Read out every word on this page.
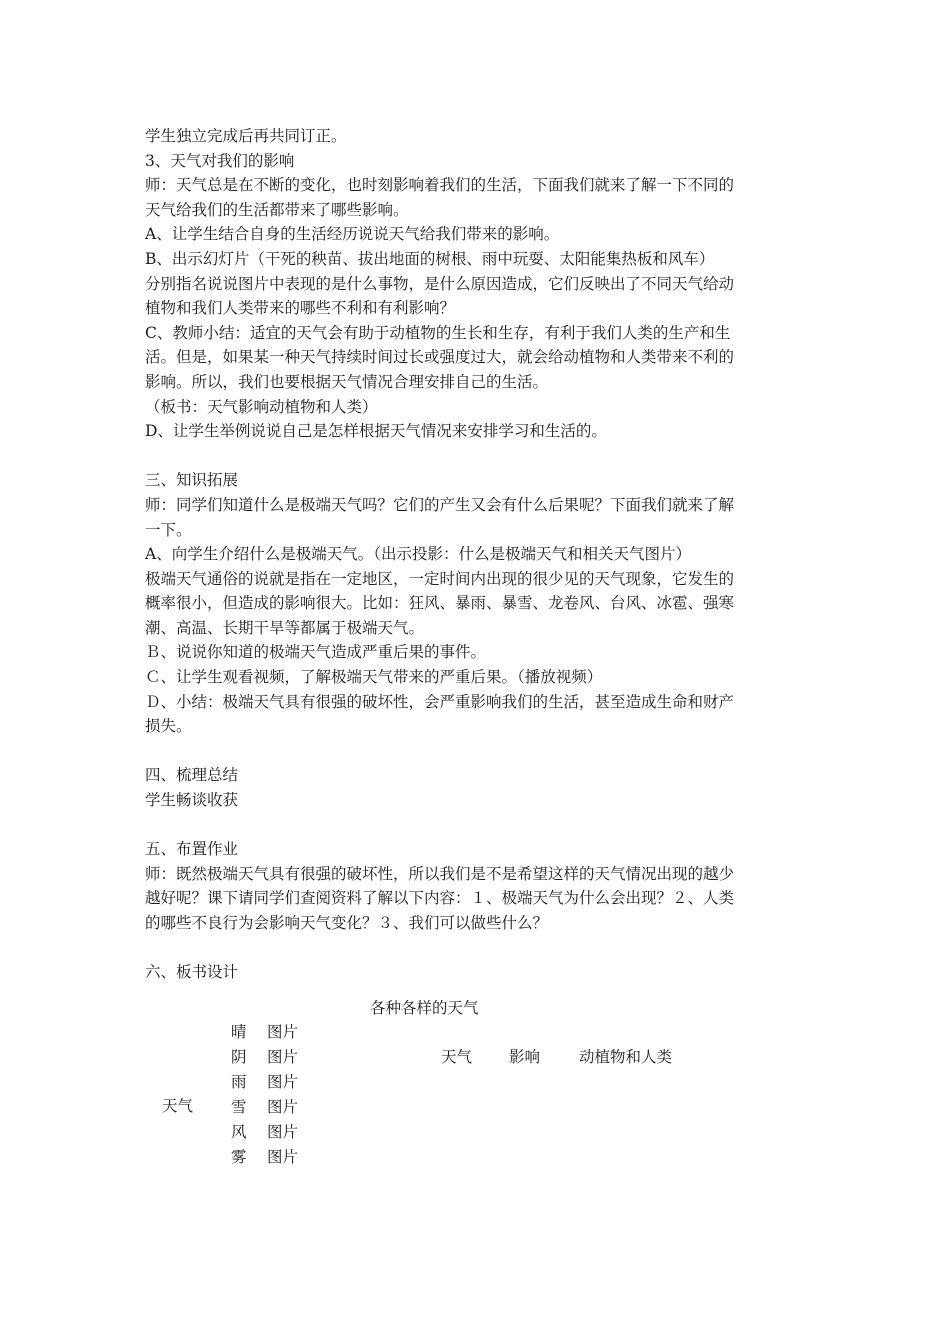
学生独立完成后再共同订正。
3、天气对我们的影响
师：天气总是在不断的变化，也时刻影响着我们的生活，下面我们就来了解一下不同的
天气给我们的生活都带来了哪些影响。
A、让学生结合自身的生活经历说说天气给我们带来的影响。
B、出示幻灯片（干死的秧苗、拔出地面的树根、雨中玩耍、太阳能集热板和风车）
分别指名说说图片中表现的是什么事物，是什么原因造成，它们反映出了不同天气给动
植物和我们人类带来的哪些不利和有利影响？
C、教师小结：适宜的天气会有助于动植物的生长和生存，有利于我们人类的生产和生
活。但是，如果某一种天气持续时间过长或强度过大，就会给动植物和人类带来不利的
影响。所以，我们也要根据天气情况合理安排自己的生活。
（板书：天气影响动植物和人类）
D、让学生举例说说自己是怎样根据天气情况来安排学习和生活的。
三、知识拓展
师：同学们知道什么是极端天气吗？它们的产生又会有什么后果呢？下面我们就来了解
一下。
A、向学生介绍什么是极端天气。（出示投影：什么是极端天气和相关天气图片）
极端天气通俗的说就是指在一定地区，一定时间内出现的很少见的天气现象，它发生的
概率很小，但造成的影响很大。比如：狂风、暴雨、暴雪、龙卷风、台风、冰雹、强寒
潮、高温、长期干旱等都属于极端天气。
Ｂ、说说你知道的极端天气造成严重后果的事件。
Ｃ、让学生观看视频，了解极端天气带来的严重后果。（播放视频）
Ｄ、小结：极端天气具有很强的破坏性，会严重影响我们的生活，甚至造成生命和财产
损失。
四、梳理总结
学生畅谈收获
五、布置作业
师：既然极端天气具有很强的破坏性，所以我们是不是希望这样的天气情况出现的越少
越好呢？课下请同学们查阅资料了解以下内容：１、极端天气为什么会出现？２、人类
的哪些不良行为会影响天气变化？３、我们可以做些什么？
六、板书设计
各种各样的天气
晴 图片
阴 图片
雨 图片
雪 图片
风 图片
雾 图片
天气
天气 影响	动植物和人类
